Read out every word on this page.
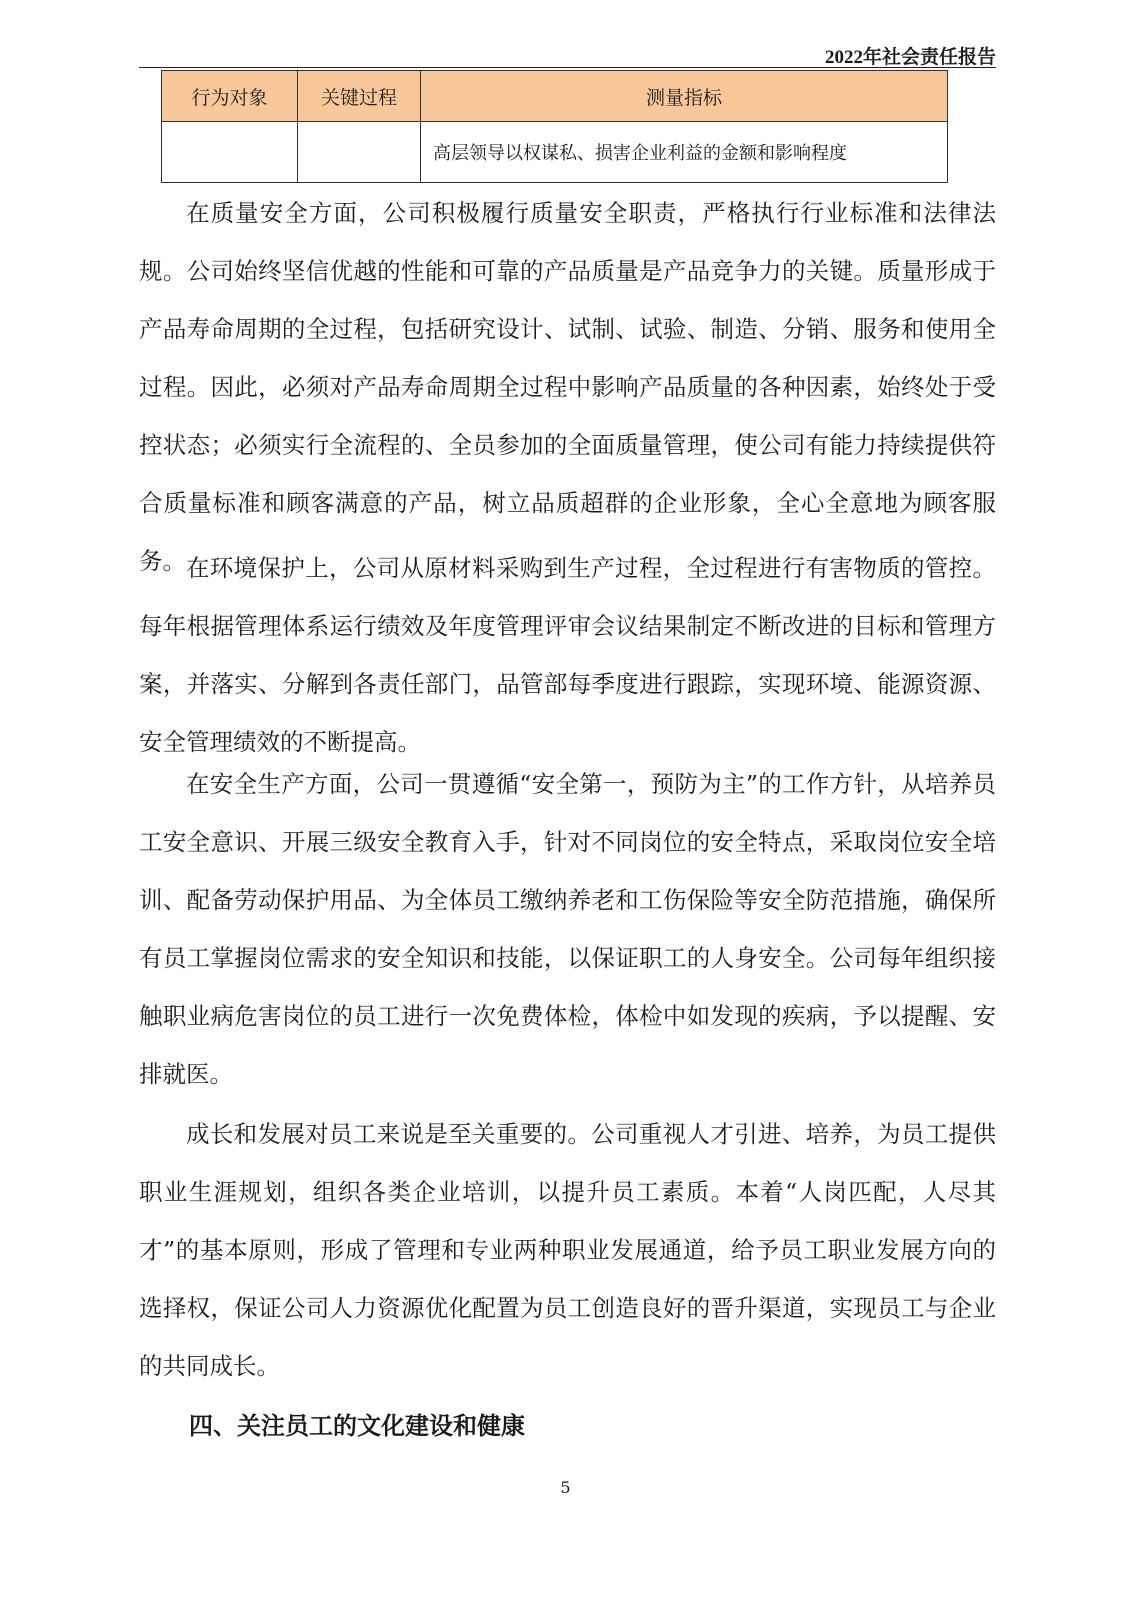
2022年社会责任报告
行为对象	关键过程	测量指标
		高层领导以权谋私、损害企业利益的金额和影响程度

在质量安全方面，公司积极履行质量安全职责，严格执行行业标准和法律法规。公司始终坚信优越的性能和可靠的产品质量是产品竞争力的关键。质量形成于产品寿命周期的全过程，包括研究设计、试制、试验、制造、分销、服务和使用全过程。因此，必须对产品寿命周期全过程中影响产品质量的各种因素，始终处于受控状态；必须实行全流程的、全员参加的全面质量管理，使公司有能力持续提供符合质量标准和顾客满意的产品，树立品质超群的企业形象，全心全意地为顾客服务。 在环境保护上，公司从原材料采购到生产过程，全过程进行有害物质的管控。每年根据管理体系运行绩效及年度管理评审会议结果制定不断改进的目标和管理方案，并落实、分解到各责任部门，品管部每季度进行跟踪，实现环境、能源资源、安全管理绩效的不断提高。

在安全生产方面，公司一贯遵循“安全第一，预防为主”的工作方针，从培养员工安全意识、开展三级安全教育入手，针对不同岗位的安全特点，采取岗位安全培训、配备劳动保护用品、为全体员工缴纳养老和工伤保险等安全防范措施，确保所有员工掌握岗位需求的安全知识和技能，以保证职工的人身安全。公司每年组织接触职业病危害岗位的员工进行一次免费体检，体检中如发现的疾病，予以提醒、安排就医。

成长和发展对员工来说是至关重要的。公司重视人才引进、培养，为员工提供职业生涯规划，组织各类企业培训，以提升员工素质。本着“人岗匹配，人尽其才”的基本原则，形成了管理和专业两种职业发展通道，给予员工职业发展方向的选择权，保证公司人力资源优化配置为员工创造良好的晋升渠道，实现员工与企业的共同成长。

四、关注员工的文化建设和健康
5
